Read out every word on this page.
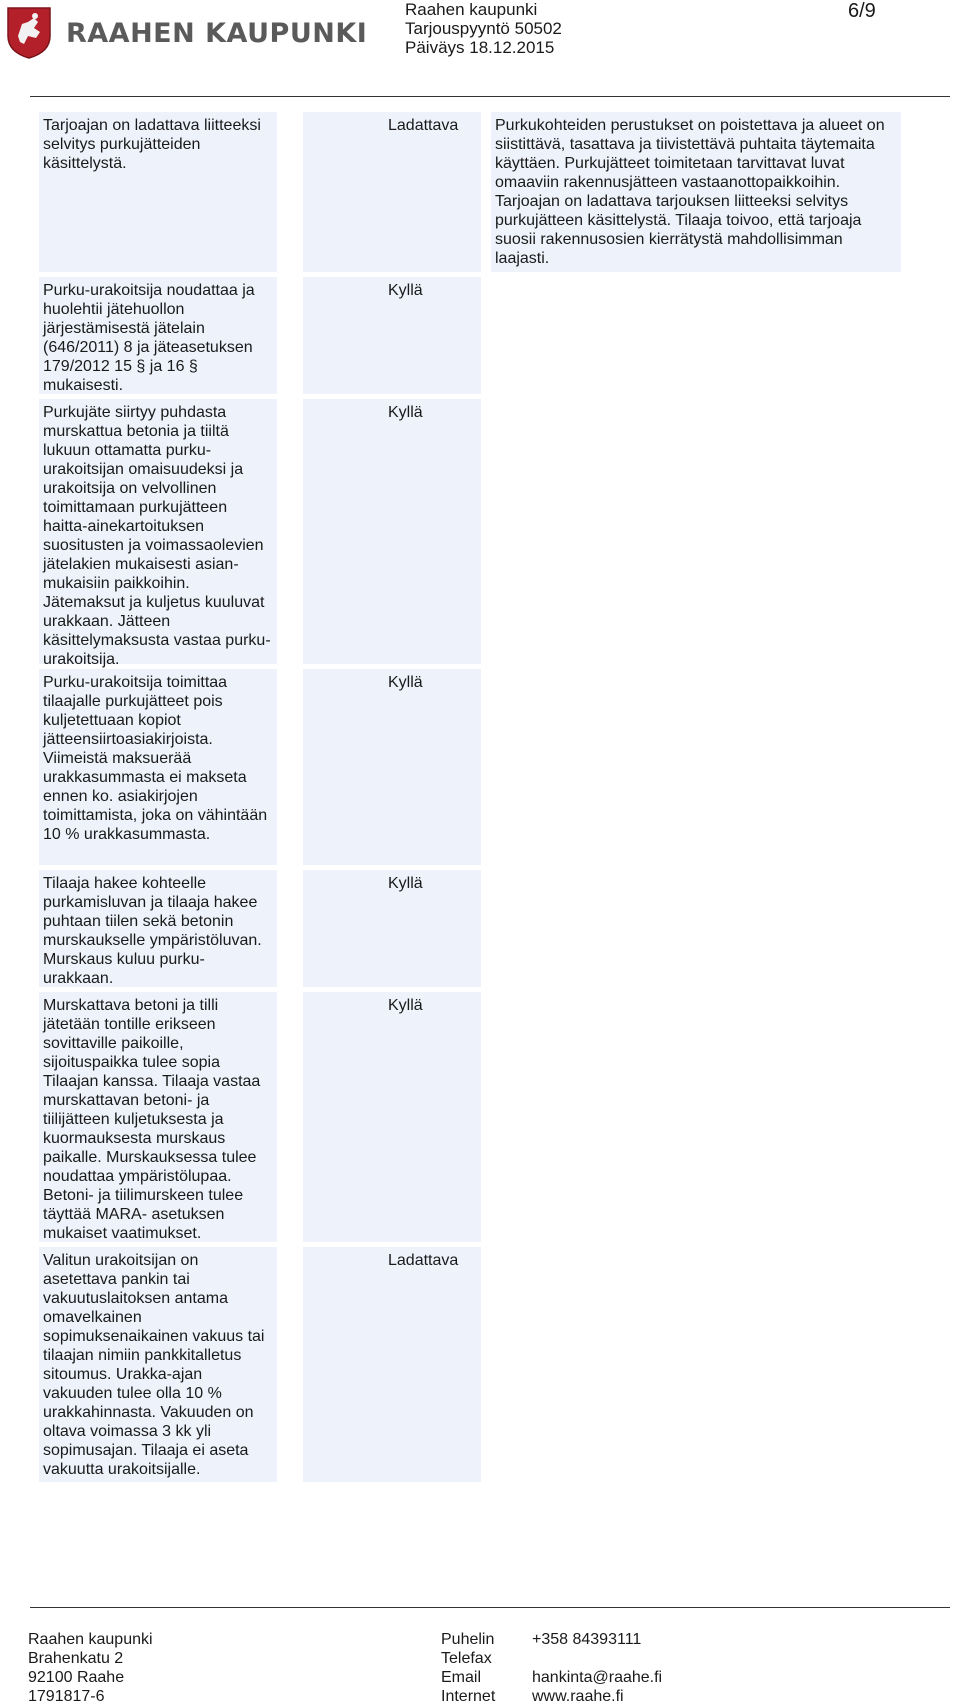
RAAHEN KAUPUNKI
Raahen kaupunki
Tarjouspyyntö 50502
Päiväys 18.12.2015
6/9
Tarjoajan on ladattava liitteeksi selvitys purkujätteiden käsittelystä.
Ladattava	Purkukohteiden perustukset on poistettava ja alueet on siistittävä, tasattava ja tiivistettävä puhtaita täytemaita käyttäen. Purkujätteet toimitetaan tarvittavat luvat omaaviin rakennusjätteen vastaanottopaikkoihin. Tarjoajan on ladattava tarjouksen liitteeksi selvitys purkujätteen käsittelystä. Tilaaja toivoo, että tarjoaja suosii rakennusosien kierrätystä mahdollisimman laajasti.
Purku-urakoitsija noudattaa ja huolehtii jätehuollon järjestämisestä jätelain (646/2011) 8 ja jäteasetuksen 179/2012 15 § ja 16 § mukaisesti.
Kyllä
Purkujäte siirtyy puhdasta murskattua betonia ja tiiltä lukuun ottamatta purku-urakoitsijan omaisuudeksi ja urakoitsija on velvollinen toimittamaan purkujätteen haitta-ainekartoituksen suositusten ja voimassaolevien jätelakien mukaisesti asian-mukaisiin paikkoihin. Jätemaksut ja kuljetus kuuluvat urakkaan. Jätteen käsittelymaksusta vastaa purku-urakoitsija.
Kyllä
Purku-urakoitsija toimittaa tilaajalle purkujätteet pois kuljetettuaan kopiot jätteensiirtoasiakirjoista. Viimeistä maksuerää urakkasummasta ei makseta ennen ko. asiakirjojen toimittamista, joka on vähintään 10 % urakkasummasta.
Kyllä
Tilaaja hakee kohteelle purkamisluvan ja tilaaja hakee puhtaan tiilen sekä betonin murskaukselle ympäristöluvan. Murskaus kuluu purku-urakkaan.
Kyllä
Murskattava betoni ja tilli jätetään tontille erikseen sovittaville paikoille, sijoituspaikka tulee sopia Tilaajan kanssa. Tilaaja vastaa murskattavan betoni- ja tiilijätteen kuljetuksesta ja kuormauksesta murskaus paikalle. Murskauksessa tulee noudattaa ympäristölupaa. Betoni- ja tiilimurskeen tulee täyttää MARA- asetuksen mukaiset vaatimukset.
Kyllä
Valitun urakoitsijan on asetettava pankin tai vakuutuslaitoksen antama omavelkainen sopimuksenaikainen vakuus tai tilaajan nimiin pankkitalletus sitoumus. Urakka-ajan vakuuden tulee olla 10 % urakkahinnasta. Vakuuden on oltava voimassa 3 kk yli sopimusajan. Tilaaja ei aseta vakuutta urakoitsijalle.
Ladattava
Raahen kaupunki
Brahenkatu 2
92100 Raahe
1791817-6
Puhelin
Telefax
Email
Internet
+358 84393111

hankinta@raahe.fi
www.raahe.fi
